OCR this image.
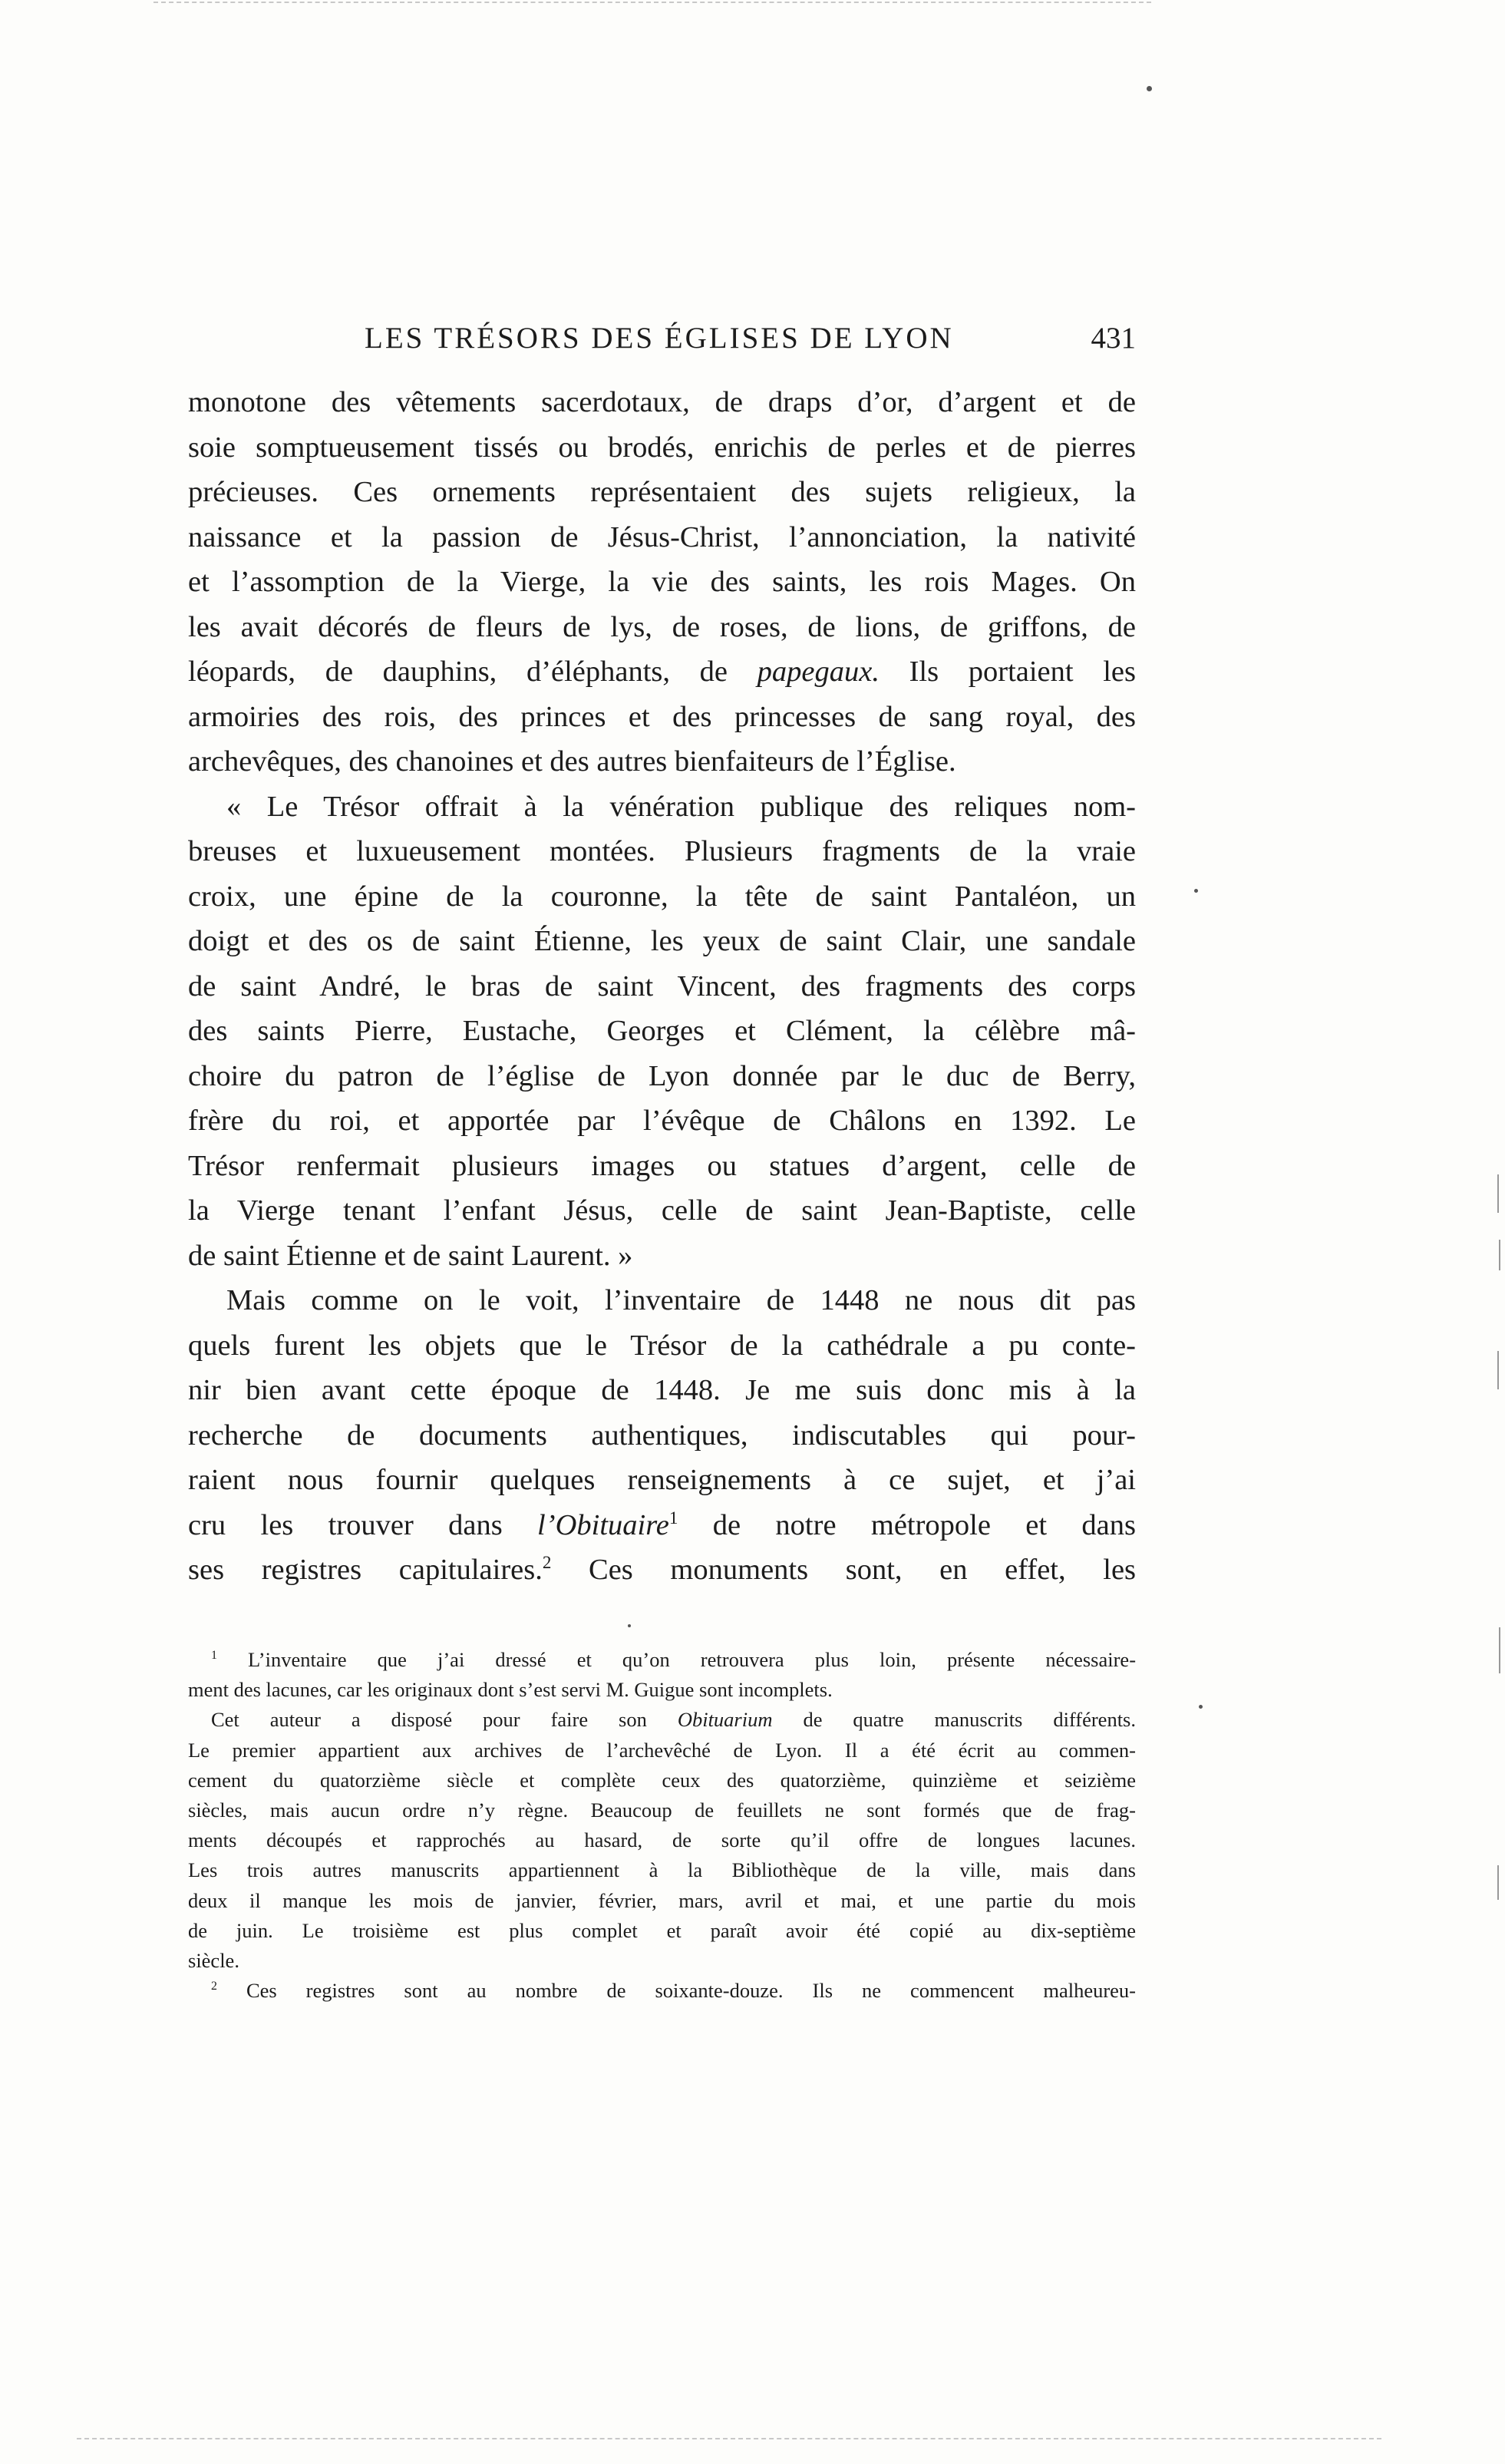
LES TRÉSORS DES ÉGLISES DE LYON	431
monotone des vêtements sacerdotaux, de draps d’or, d’argent et de
soie somptueusement tissés ou brodés, enrichis de perles et de pierres
précieuses. Ces ornements représentaient des sujets religieux, la
naissance et la passion de Jésus-Christ, l’annonciation, la nativité
et l’assomption de la Vierge, la vie des saints, les rois Mages. On
les avait décorés de fleurs de lys, de roses, de lions, de griffons, de
léopards, de dauphins, d’éléphants, de papegaux. Ils portaient les
armoiries des rois, des princes et des princesses de sang royal, des
archevêques, des chanoines et des autres bienfaiteurs de l’Église.
« Le Trésor offrait à la vénération publique des reliques nom-
breuses et luxueusement montées. Plusieurs fragments de la vraie
croix, une épine de la couronne, la tête de saint Pantaléon, un
doigt et des os de saint Étienne, les yeux de saint Clair, une sandale
de saint André, le bras de saint Vincent, des fragments des corps
des saints Pierre, Eustache, Georges et Clément, la célèbre mâ-
choire du patron de l’église de Lyon donnée par le duc de Berry,
frère du roi, et apportée par l’évêque de Châlons en 1392. Le
Trésor renfermait plusieurs images ou statues d’argent, celle de
la Vierge tenant l’enfant Jésus, celle de saint Jean-Baptiste, celle
de saint Étienne et de saint Laurent. »
Mais comme on le voit, l’inventaire de 1448 ne nous dit pas
quels furent les objets que le Trésor de la cathédrale a pu conte-
nir bien avant cette époque de 1448. Je me suis donc mis à la
recherche de documents authentiques, indiscutables qui pour-
raient nous fournir quelques renseignements à ce sujet, et j’ai
cru les trouver dans l’Obituaire$^1$ de notre métropole et dans
ses registres capitulaires.$^2$ Ces monuments sont, en effet, les
$^1$ L’inventaire que j’ai dressé et qu’on retrouvera plus loin, présente nécessaire-
ment des lacunes, car les originaux dont s’est servi M. Guigue sont incomplets.
Cet auteur a disposé pour faire son Obituarium de quatre manuscrits différents.
Le premier appartient aux archives de l’archevêché de Lyon. Il a été écrit au commen-
cement du quatorzième siècle et complète ceux des quatorzième, quinzième et seizième
siècles, mais aucun ordre n’y règne. Beaucoup de feuillets ne sont formés que de frag-
ments découpés et rapprochés au hasard, de sorte qu’il offre de longues lacunes.
Les trois autres manuscrits appartiennent à la Bibliothèque de la ville, mais dans
deux il manque les mois de janvier, février, mars, avril et mai, et une partie du mois
de juin. Le troisième est plus complet et paraît avoir été copié au dix-septième
siècle.
$^2$ Ces registres sont au nombre de soixante-douze. Ils ne commencent malheureu-
